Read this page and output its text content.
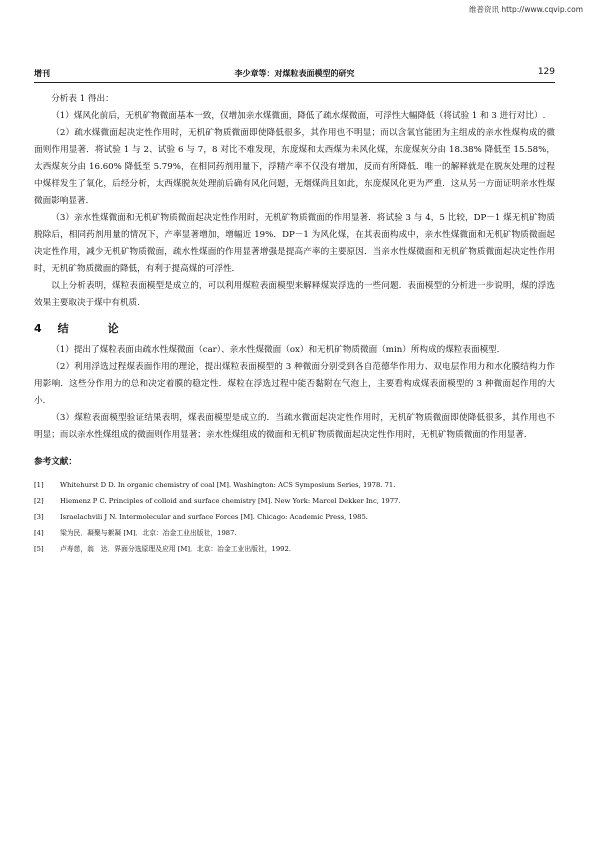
维普资讯 http://www.cqvip.com
增刊	李少章等：对煤粒表面模型的研究	129

分析表 1 得出：

（1）煤风化前后，无机矿物微面基本一致，仅增加亲水煤微面，降低了疏水煤微面，可浮性大幅降低（将试验 1 和 3 进行对比）.

（2）疏水煤微面起决定性作用时，无机矿物质微面即使降低很多，其作用也不明显；而以含氧官能团为主组成的亲水性煤构成的微面则作用显著．将试验 1 与 2、试验 6 与 7，8 对比不难发现，东庞煤和太西煤为未风化煤，东庞煤灰分由 18.38% 降低至 15.58%，太西煤灰分由 16.60% 降低至 5.79%，在相同药剂用量下，浮精产率不仅没有增加，反而有所降低．唯一的解释就是在脱灰处理的过程中煤样发生了氧化，后经分析，太西煤脱灰处理前后确有风化问题，无烟煤尚且如此，东庞煤风化更为严重．这从另一方面证明亲水性煤微面影响显著．

（3）亲水性煤微面和无机矿物质微面起决定性作用时，无机矿物质微面的作用显著．将试验 3 与 4，5 比较，DP－1 煤无机矿物质脱除后，相同药剂用量的情况下，产率显著增加，增幅近 19%．DP－1 为风化煤，在其表面构成中，亲水性煤微面和无机矿物质微面起决定性作用，减少无机矿物质微面，疏水性煤面的作用显著增强是提高产率的主要原因．当亲水性煤微面和无机矿物质微面起决定性作用时，无机矿物质微面的降低，有利于提高煤的可浮性．

以上分析表明，煤粒表面模型是成立的，可以利用煤粒表面模型来解释煤炭浮选的一些问题．表面模型的分析进一步说明，煤的浮选效果主要取决于煤中有机质.

4 结　论

（1）提出了煤粒表面由疏水性煤微面（car）、亲水性煤微面（ox）和无机矿物质微面（min）所构成的煤粒表面模型．

（2）利用浮选过程煤表面作用的理论，提出煤粒表面模型的 3 种微面分别受到各自范德华作用力、双电层作用力和水化膜结构力作用影响．这些分作用力的总和决定着膜的稳定性．煤粒在浮选过程中能否黏附在气泡上，主要看构成煤表面模型的 3 种微面起作用的大小．

（3）煤粒表面模型验证结果表明，煤表面模型是成立的．当疏水微面起决定性作用时，无机矿物质微面即使降低很多，其作用也不明显；而以亲水性煤组成的微面则作用显著；亲水性煤组成的微面和无机矿物质微面起决定性作用时，无机矿物质微面的作用显著．

参考文献：
[1]	Whitehurst D D. In organic chemistry of coal [M]. Washington: ACS Symposium Series, 1978. 71.
[2]	Hiemenz P C. Principles of colloid and surface chemistry [M]. New York: Marcel Dekker Inc, 1977.
[3]	Israelachvili J N. Intermolecular and surface Forces [M]. Chicago: Academic Press, 1985.
[4]	梁为民．凝聚与絮凝 [M]．北京：冶金工业出版社，1987.
[5]	卢寿慈，翁　达．界面分选原理及应用 [M]．北京：冶金工业出版社，1992.
